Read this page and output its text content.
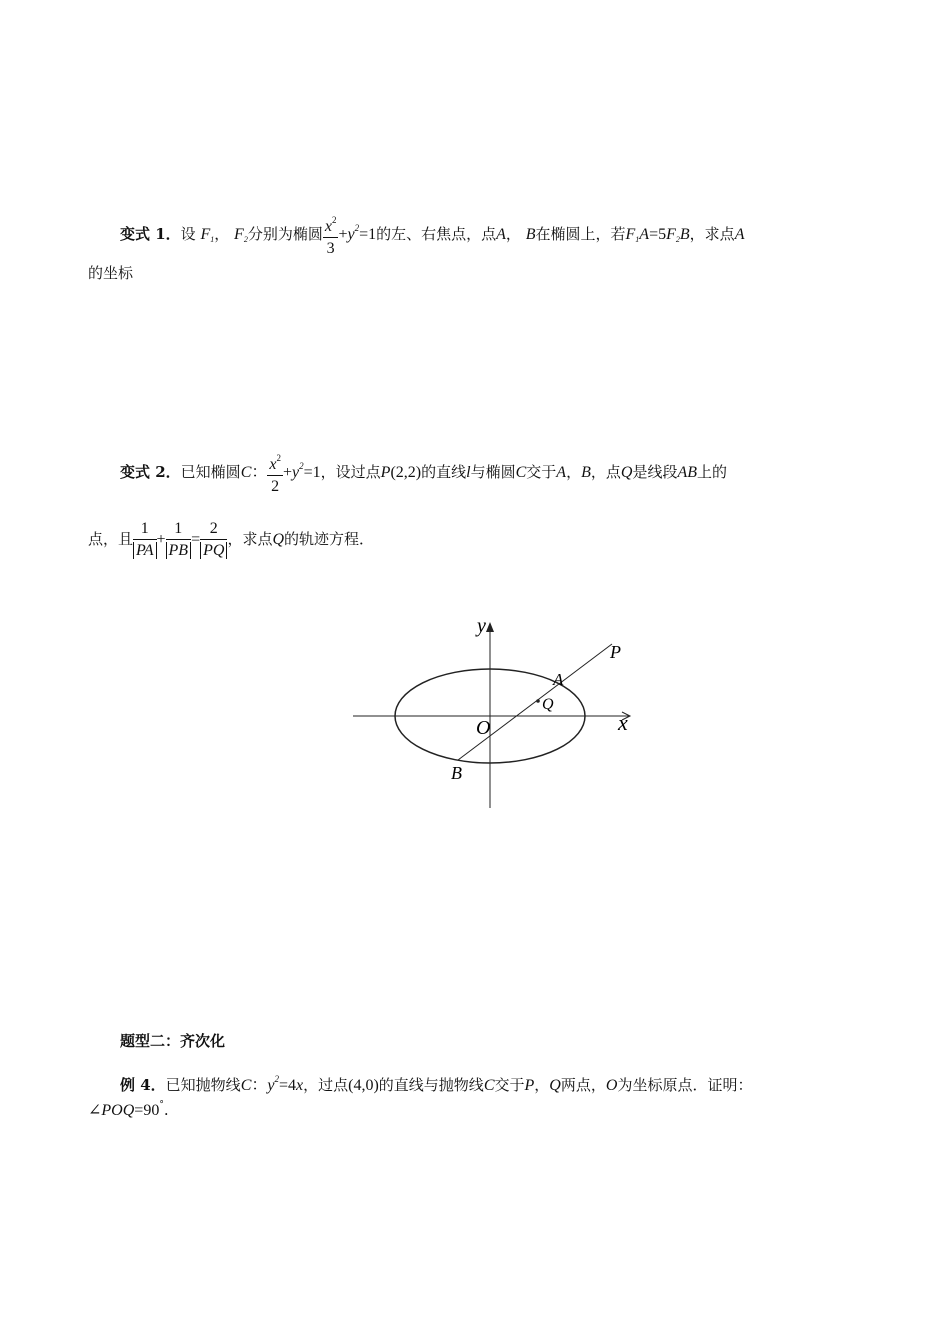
变式 1．设 $F_1$， $F_2$分别为椭圆 $\frac{x^2}{3} +y^2=1$的左、右焦点，点A， B在椭圆上，若$F_1A=5F_2B$，求点A
的坐标
变式 2．已知椭圆C： $\frac{x^2}{2} +y^2=1$，设过点P(2,2)的直线l与椭圆C交于A，B，点Q是线段AB上的
点，且 $\frac{1}{PA} + \frac{1}{PB} = \frac{2}{PQ}$ ，求点Q的轨迹方程．
y
x
P
A
Q
O
B
题型二：齐次化
例 4．已知抛物线C：$y^2=4x$，过点(4,0)的直线与抛物线C交于P，Q两点，O为坐标原点．证明：
∠POQ=90°.
